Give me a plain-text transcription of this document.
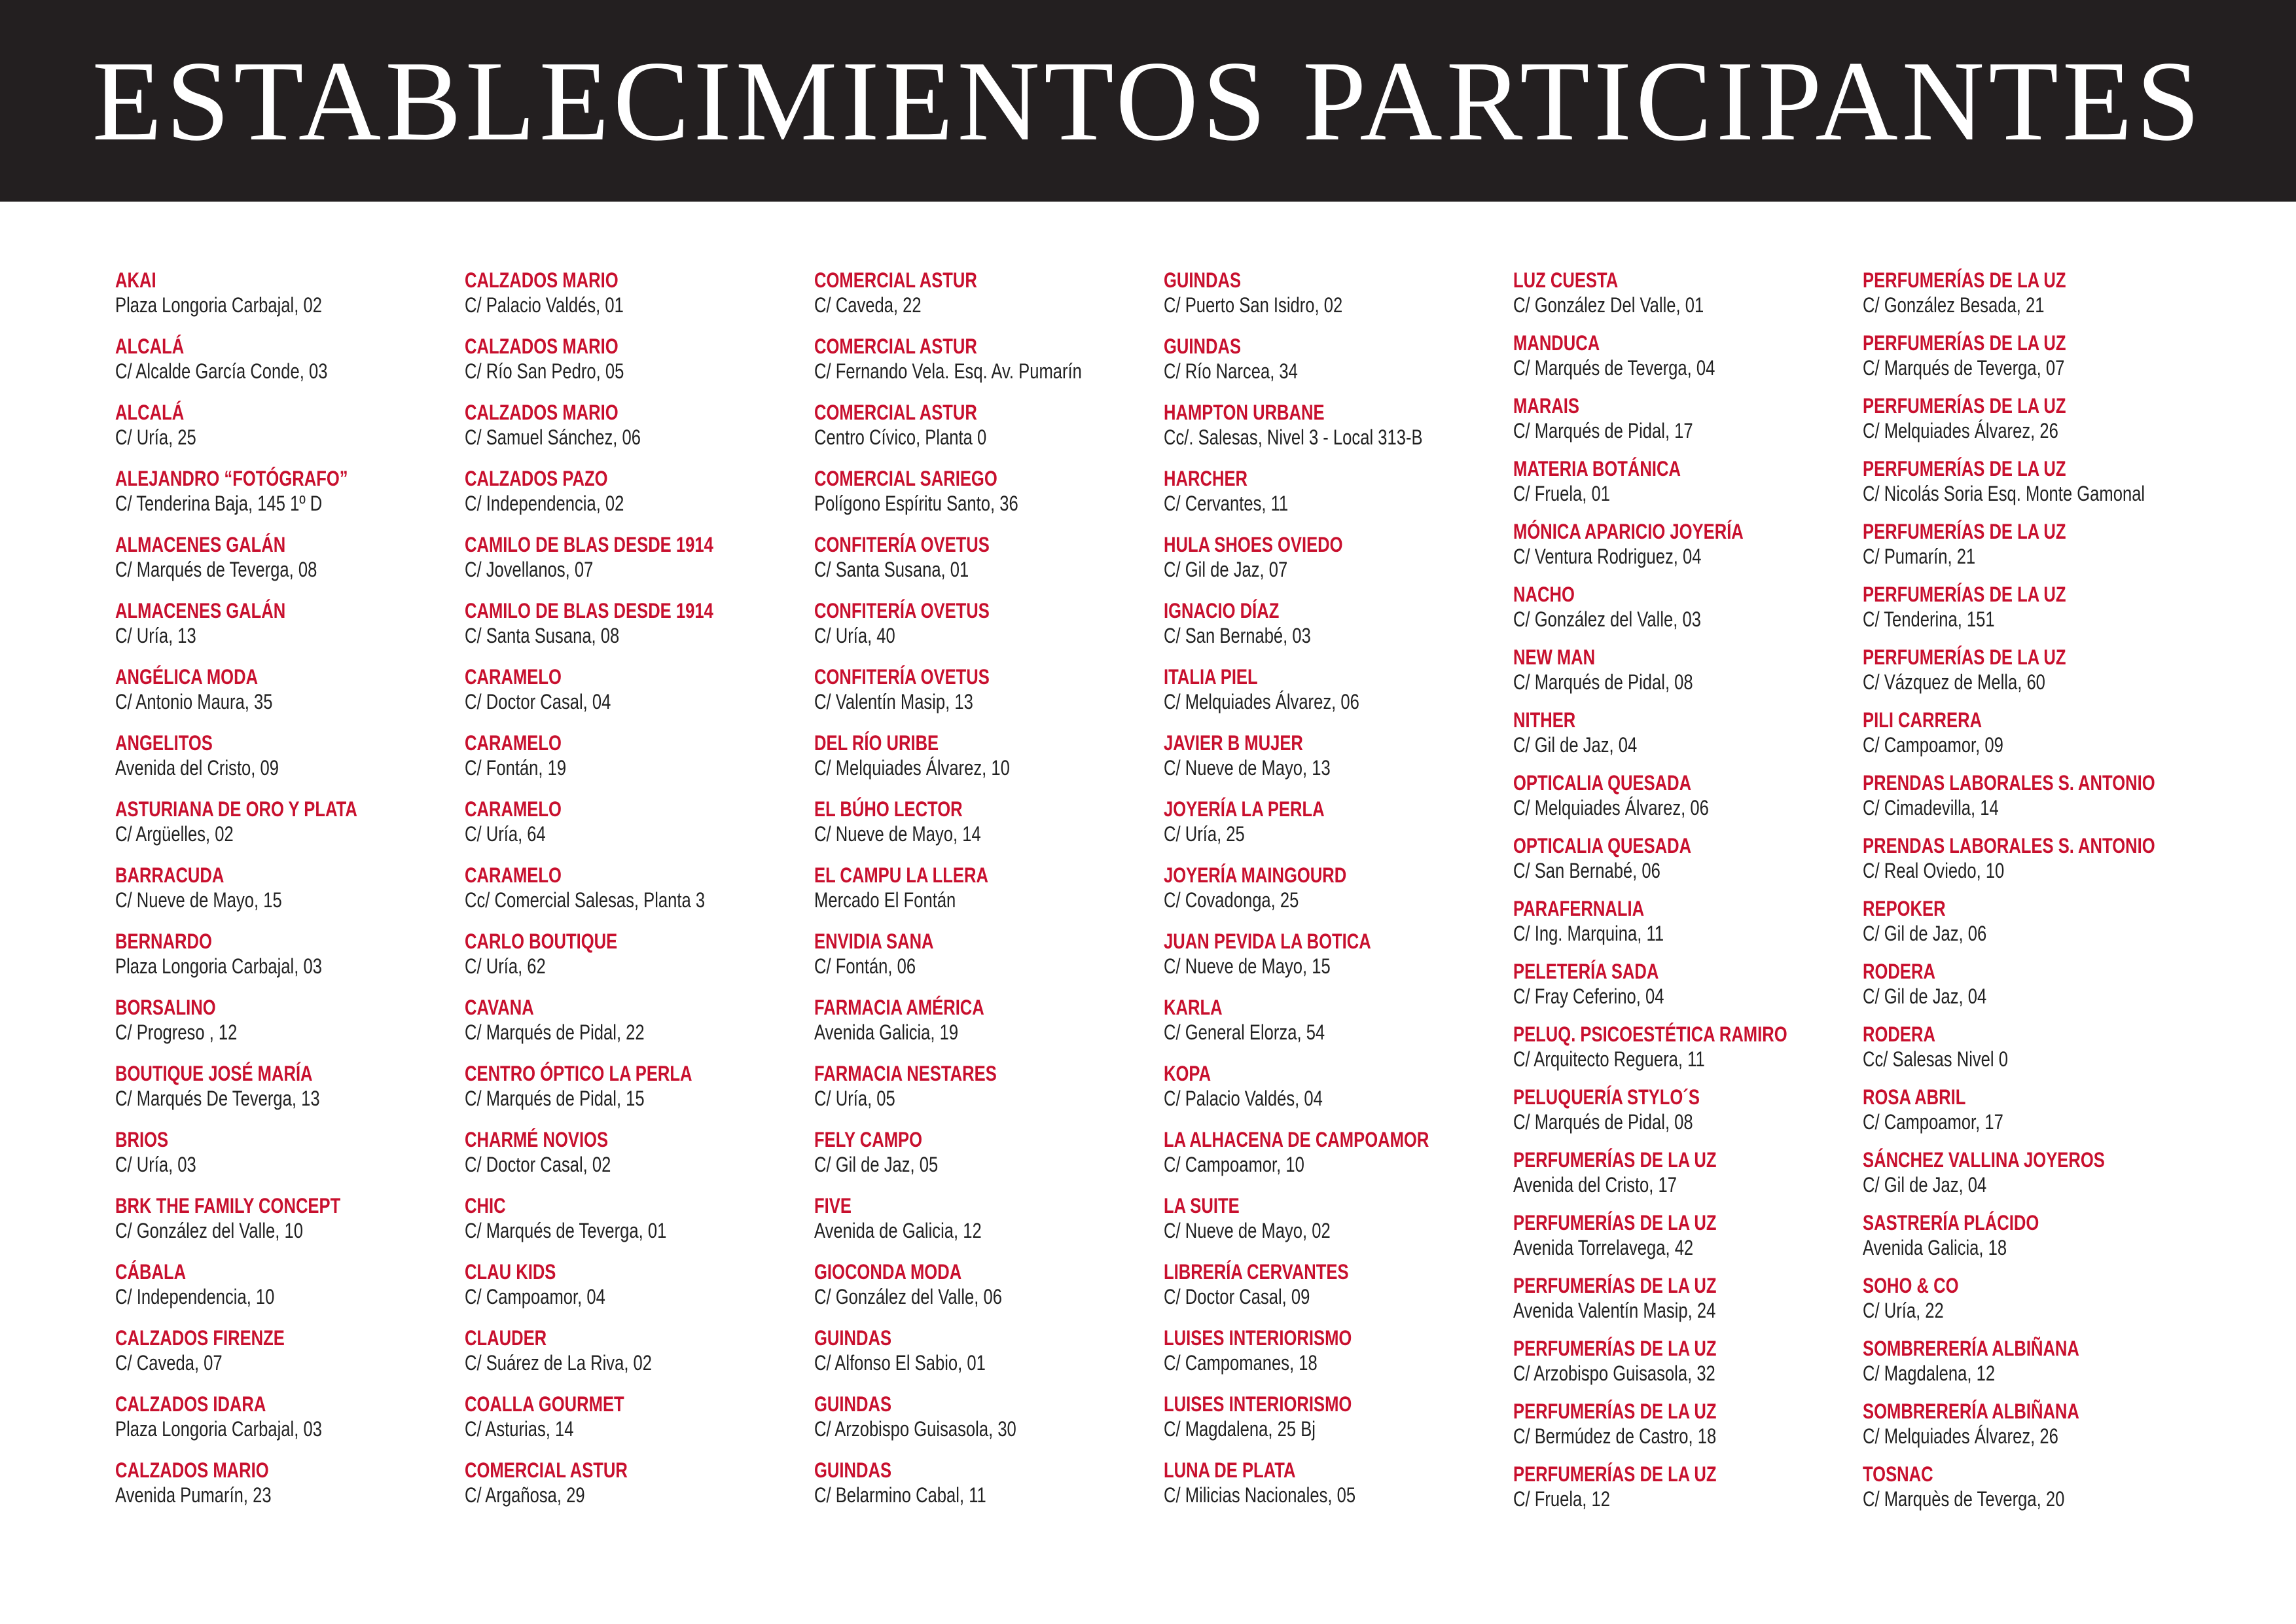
ESTABLECIMIENTOS PARTICIPANTES
AKAI
Plaza Longoria Carbajal, 02
ALCALÁ
C/ Alcalde García Conde, 03
ALCALÁ
C/ Uría, 25
ALEJANDRO “FOTÓGRAFO”
C/ Tenderina Baja, 145 1º D
ALMACENES GALÁN
C/ Marqués de Teverga, 08
ALMACENES GALÁN
C/ Uría, 13
ANGÉLICA MODA
C/ Antonio Maura, 35
ANGELITOS
Avenida del Cristo, 09
ASTURIANA DE ORO Y PLATA
C/ Argüelles, 02
BARRACUDA
C/ Nueve de Mayo, 15
BERNARDO
Plaza Longoria Carbajal, 03
BORSALINO
C/ Progreso , 12
BOUTIQUE JOSÉ MARÍA
C/ Marqués De Teverga, 13
BRIOS
C/ Uría, 03
BRK THE FAMILY CONCEPT
C/ González del Valle, 10
CÁBALA
C/ Independencia, 10
CALZADOS FIRENZE
C/ Caveda, 07
CALZADOS IDARA
Plaza Longoria Carbajal, 03
CALZADOS MARIO
Avenida Pumarín, 23
CALZADOS MARIO
C/ Palacio Valdés, 01
CALZADOS MARIO
C/ Río San Pedro, 05
CALZADOS MARIO
C/ Samuel Sánchez, 06
CALZADOS PAZO
C/ Independencia, 02
CAMILO DE BLAS DESDE 1914
C/ Jovellanos, 07
CAMILO DE BLAS DESDE 1914
C/ Santa Susana, 08
CARAMELO
C/ Doctor Casal, 04
CARAMELO
C/ Fontán, 19
CARAMELO
C/ Uría, 64
CARAMELO
Cc/ Comercial Salesas, Planta 3
CARLO BOUTIQUE
C/ Uría, 62
CAVANA
C/ Marqués de Pidal, 22
CENTRO ÓPTICO LA PERLA
C/ Marqués de Pidal, 15
CHARMÉ NOVIOS
C/ Doctor Casal, 02
CHIC
C/ Marqués de Teverga, 01
CLAU KIDS
C/ Campoamor, 04
CLAUDER
C/ Suárez de La Riva, 02
COALLA GOURMET
C/ Asturias, 14
COMERCIAL ASTUR
C/ Argañosa, 29
COMERCIAL ASTUR
C/ Caveda, 22
COMERCIAL ASTUR
C/ Fernando Vela. Esq. Av. Pumarín
COMERCIAL ASTUR
Centro Cívico, Planta 0
COMERCIAL SARIEGO
Polígono Espíritu Santo, 36
CONFITERÍA OVETUS
C/ Santa Susana, 01
CONFITERÍA OVETUS
C/ Uría, 40
CONFITERÍA OVETUS
C/ Valentín Masip, 13
DEL RÍO URIBE
C/ Melquiades Álvarez, 10
EL BÚHO LECTOR
C/ Nueve de Mayo, 14
EL CAMPU LA LLERA
Mercado El Fontán
ENVIDIA SANA
C/ Fontán, 06
FARMACIA AMÉRICA
Avenida Galicia, 19
FARMACIA NESTARES
C/ Uría, 05
FELY CAMPO
C/ Gil de Jaz, 05
FIVE
Avenida de Galicia, 12
GIOCONDA MODA
C/ González del Valle, 06
GUINDAS
C/ Alfonso El Sabio, 01
GUINDAS
C/ Arzobispo Guisasola, 30
GUINDAS
C/ Belarmino Cabal, 11
GUINDAS
C/ Puerto San Isidro, 02
GUINDAS
C/ Río Narcea, 34
HAMPTON URBANE
Cc/. Salesas, Nivel 3 - Local 313-B
HARCHER
C/ Cervantes, 11
HULA SHOES OVIEDO
C/ Gil de Jaz, 07
IGNACIO DÍAZ
C/ San Bernabé, 03
ITALIA PIEL
C/ Melquiades Álvarez, 06
JAVIER B MUJER
C/ Nueve de Mayo, 13
JOYERÍA LA PERLA
C/ Uría, 25
JOYERÍA MAINGOURD
C/ Covadonga, 25
JUAN PEVIDA LA BOTICA
C/ Nueve de Mayo, 15
KARLA
C/ General Elorza, 54
KOPA
C/ Palacio Valdés, 04
LA ALHACENA DE CAMPOAMOR
C/ Campoamor, 10
LA SUITE
C/ Nueve de Mayo, 02
LIBRERÍA CERVANTES
C/ Doctor Casal, 09
LUISES INTERIORISMO
C/ Campomanes, 18
LUISES INTERIORISMO
C/ Magdalena, 25 Bj
LUNA DE PLATA
C/ Milicias Nacionales, 05
LUZ CUESTA
C/ González Del Valle, 01
MANDUCA
C/ Marqués de Teverga, 04
MARAIS
C/ Marqués de Pidal, 17
MATERIA BOTÁNICA
C/ Fruela, 01
MÓNICA APARICIO JOYERÍA
C/ Ventura Rodriguez, 04
NACHO
C/ González del Valle, 03
NEW MAN
C/ Marqués de Pidal, 08
NITHER
C/ Gil de Jaz, 04
OPTICALIA QUESADA
C/ Melquiades Álvarez, 06
OPTICALIA QUESADA
C/ San Bernabé, 06
PARAFERNALIA
C/ Ing. Marquina, 11
PELETERÍA SADA
C/ Fray Ceferino, 04
PELUQ. PSICOESTÉTICA RAMIRO
C/ Arquitecto Reguera, 11
PELUQUERÍA STYLO´S
C/ Marqués de Pidal, 08
PERFUMERÍAS DE LA UZ
Avenida del Cristo, 17
PERFUMERÍAS DE LA UZ
Avenida Torrelavega, 42
PERFUMERÍAS DE LA UZ
Avenida Valentín Masip, 24
PERFUMERÍAS DE LA UZ
C/ Arzobispo Guisasola, 32
PERFUMERÍAS DE LA UZ
C/ Bermúdez de Castro, 18
PERFUMERÍAS DE LA UZ
C/ Fruela, 12
PERFUMERÍAS DE LA UZ
C/ González Besada, 21
PERFUMERÍAS DE LA UZ
C/ Marqués de Teverga, 07
PERFUMERÍAS DE LA UZ
C/ Melquiades Álvarez, 26
PERFUMERÍAS DE LA UZ
C/ Nicolás Soria Esq. Monte Gamonal
PERFUMERÍAS DE LA UZ
C/ Pumarín, 21
PERFUMERÍAS DE LA UZ
C/ Tenderina, 151
PERFUMERÍAS DE LA UZ
C/ Vázquez de Mella, 60
PILI CARRERA
C/ Campoamor, 09
PRENDAS LABORALES S. ANTONIO
C/ Cimadevilla, 14
PRENDAS LABORALES S. ANTONIO
C/ Real Oviedo, 10
REPOKER
C/ Gil de Jaz, 06
RODERA
C/ Gil de Jaz, 04
RODERA
Cc/ Salesas Nivel 0
ROSA ABRIL
C/ Campoamor, 17
SÁNCHEZ VALLINA JOYEROS
C/ Gil de Jaz, 04
SASTRERÍA PLÁCIDO
Avenida Galicia, 18
SOHO & CO
C/ Uría, 22
SOMBRERERÍA ALBIÑANA
C/ Magdalena, 12
SOMBRERERÍA ALBIÑANA
C/ Melquiades Álvarez, 26
TOSNAC
C/ Marquès de Teverga, 20
